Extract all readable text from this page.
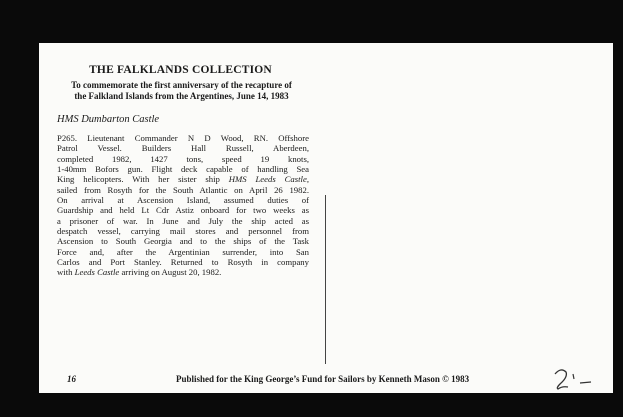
THE FALKLANDS COLLECTION
To commemorate the first anniversary of the recapture of
the Falkland Islands from the Argentines, June 14, 1983
HMS Dumbarton Castle
P265. Lieutenant Commander N D Wood, RN. Offshore
Patrol Vessel. Builders Hall Russell, Aberdeen,
completed 1982, 1427 tons, speed 19 knots,
1-40mm Bofors gun. Flight deck capable of handling Sea
King helicopters. With her sister ship HMS Leeds Castle,
sailed from Rosyth for the South Atlantic on April 26 1982.
On arrival at Ascension Island, assumed duties of
Guardship and held Lt Cdr Astiz onboard for two weeks as
a prisoner of war. In June and July the ship acted as
despatch vessel, carrying mail stores and personnel from
Ascension to South Georgia and to the ships of the Task
Force and, after the Argentinian surrender, into San
Carlos and Port Stanley. Returned to Rosyth in company
with Leeds Castle arriving on August 20, 1982.
16	Published for the King George’s Fund for Sailors by Kenneth Mason © 1983
